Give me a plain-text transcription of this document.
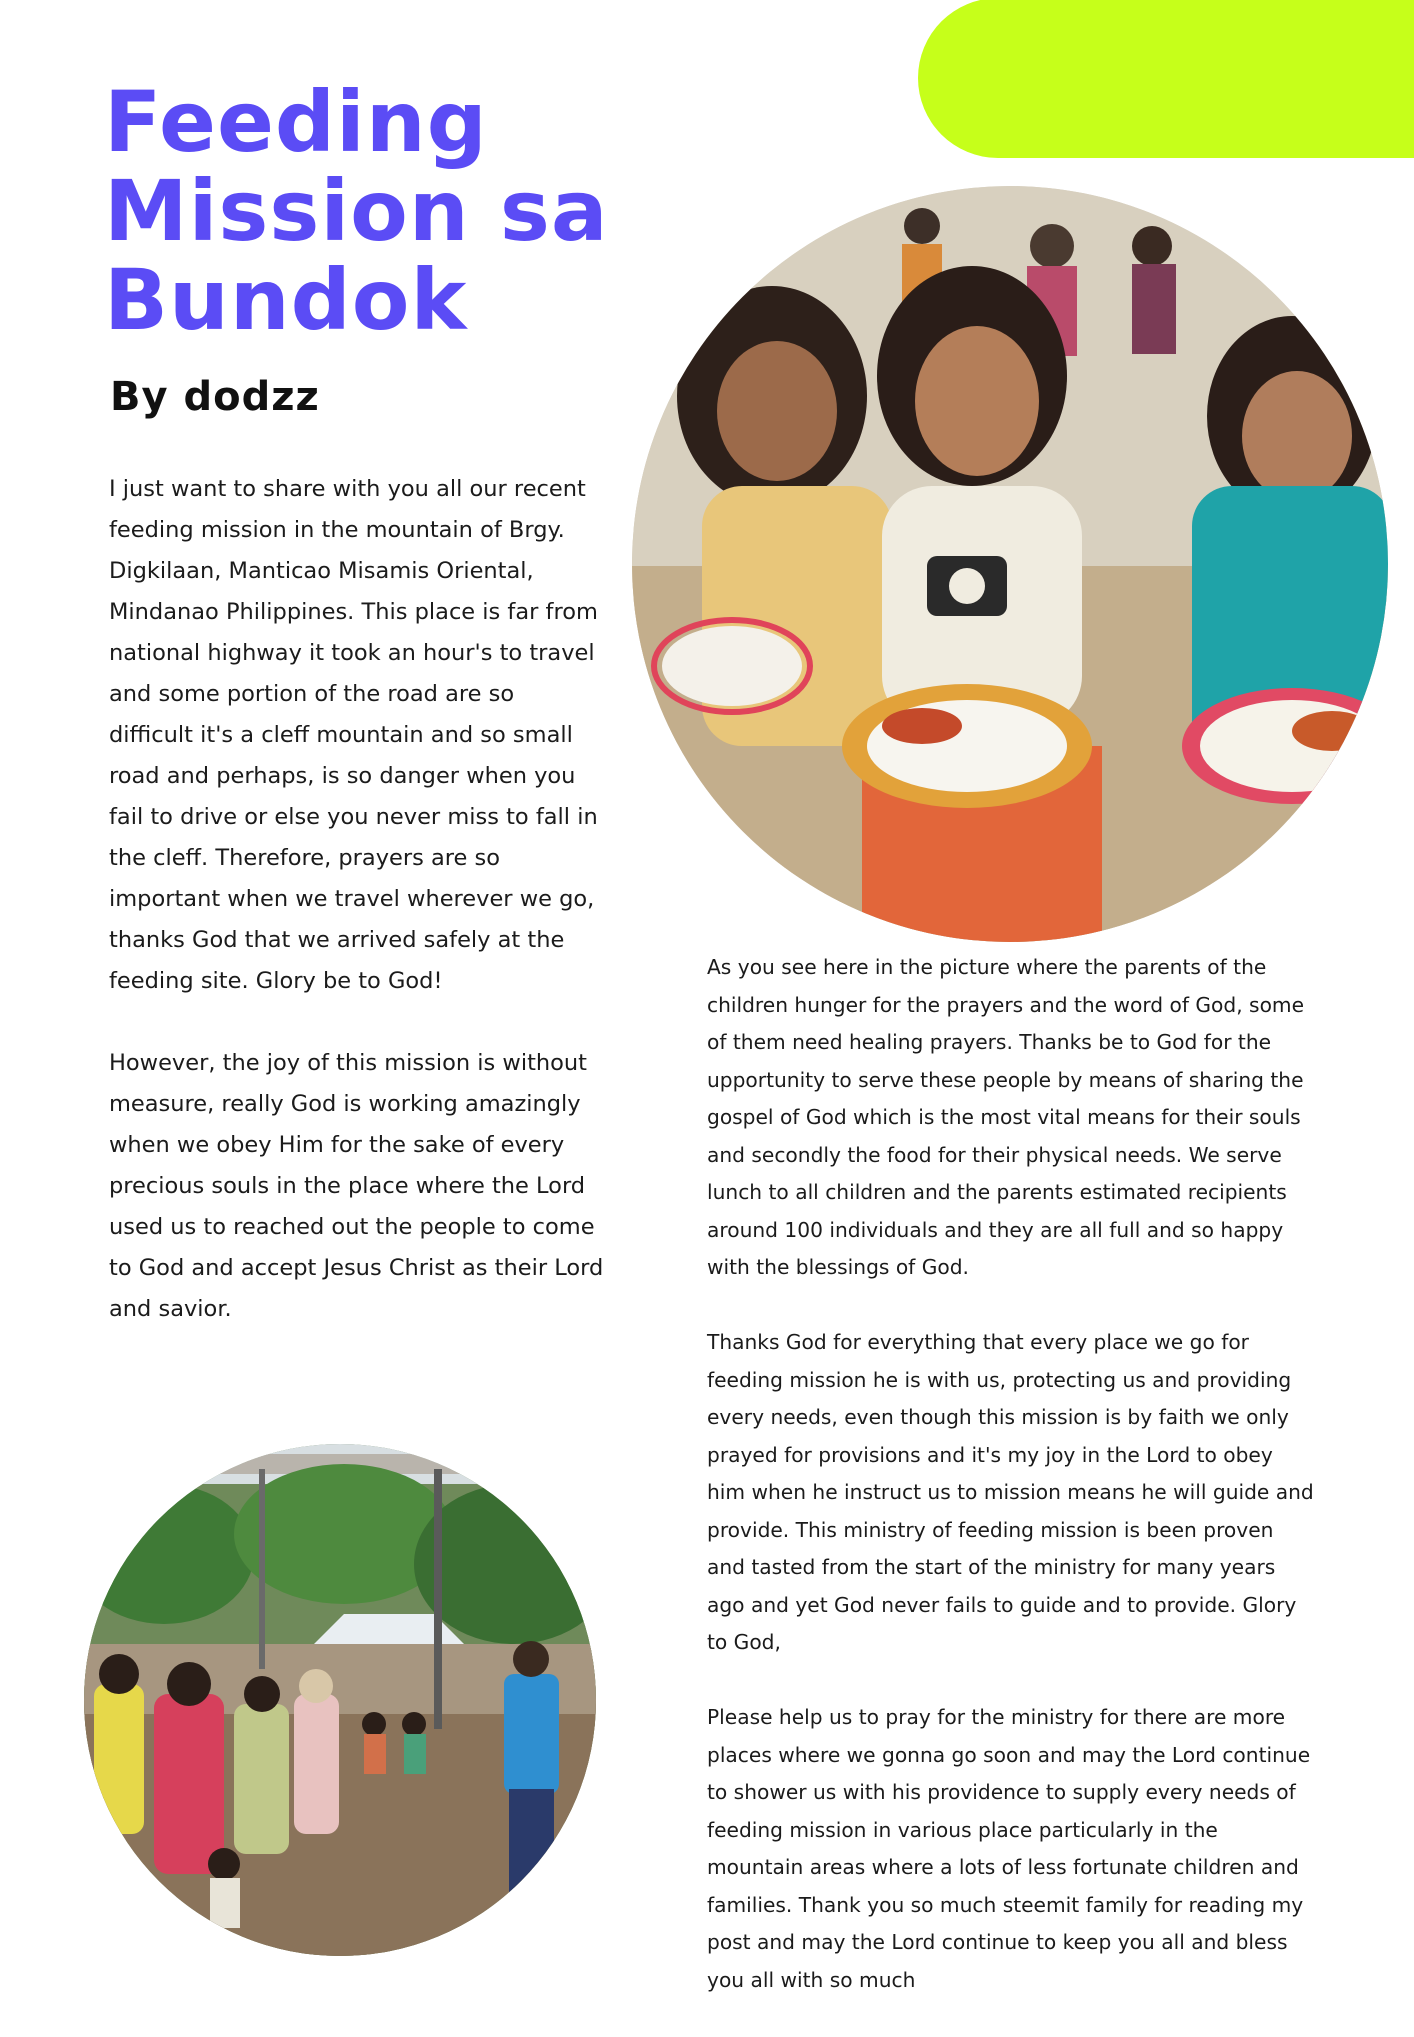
Feeding
Mission sa
Bundok
By dodzz

I just want to share with you all our recent feeding mission in the mountain of Brgy. Digkilaan, Manticao Misamis Oriental, Mindanao Philippines. This place is far from national highway it took an hour's to travel and some portion of the road are so difficult it's a cleff mountain and so small road and perhaps, is so danger when you fail to drive or else you never miss to fall in the cleff. Therefore, prayers are so important when we travel wherever we go, thanks God that we arrived safely at the feeding site. Glory be to God!

However, the joy of this mission is without measure, really God is working amazingly when we obey Him for the sake of every precious souls in the place where the Lord used us to reached out the people to come to God and accept Jesus Christ as their Lord and savior.

As you see here in the picture where the parents of the children hunger for the prayers and the word of God, some of them need healing prayers. Thanks be to God for the upportunity to serve these people by means of sharing the gospel of God which is the most vital means for their souls and secondly the food for their physical needs. We serve lunch to all children and the parents estimated recipients around 100 individuals and they are all full and so happy with the blessings of God.

Thanks God for everything that every place we go for feeding mission he is with us, protecting us and providing every needs, even though this mission is by faith we only prayed for provisions and it's my joy in the Lord to obey him when he instruct us to mission means he will guide and provide. This ministry of feeding mission is been proven and tasted from the start of the ministry for many years ago and yet God never fails to guide and to provide. Glory to God,

Please help us to pray for the ministry for there are more places where we gonna go soon and may the Lord continue to shower us with his providence to supply every needs of feeding mission in various place particularly in the mountain areas where a lots of less fortunate children and families. Thank you so much steemit family for reading my post and may the Lord continue to keep you all and bless you all with so much
